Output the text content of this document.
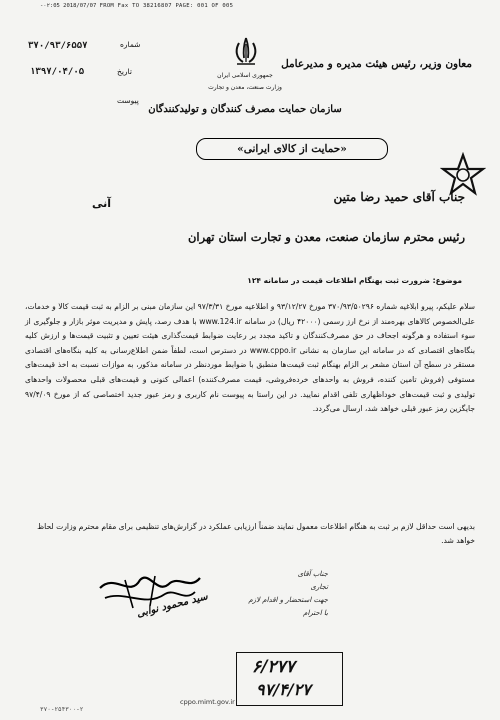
-۰۲:05 2018/07/07 FROM Fax TO 38216807 PAGE: 001 OF 005
معاون وزیر، رئیس هیئت مدیره و مدیرعامل
جمهوری اسلامی ایران
وزارت صنعت، معدن و تجارت
سازمان حمایت مصرف کنندگان و تولیدکنندگان
شماره
۳۷۰/۹۳/۶۵۵۷
تاریخ
۱۳۹۷/۰۴/۰۵
پیوست
«حمایت از کالای ایرانی»
آنی	جناب آقای حمید رضا متین
رئیس محترم سازمان صنعت، معدن و تجارت استان تهران
موضوع: ضرورت ثبت بهنگام اطلاعات قیمت در سامانه ۱۲۴

سلام علیکم، پیرو ابلاغیه شماره ۳۷۰/۹۳/۵۰۲۹۶ مورخ ۹۳/۱۲/۲۷ و اطلاعیه مورخ ۹۷/۳/۳۱ این سازمان مبنی بر الزام به ثبت قیمت کالا و خدمات، علی‌الخصوص کالاهای بهره‌مند از نرخ ارز رسمی (۴۲۰۰۰ ریال) در سامانه www.124.ir با هدف رصد، پایش و مدیریت موثر بازار و جلوگیری از سوء استفاده و هرگونه اجحاف در حق مصرف‌کنندگان و تاکید مجدد بر رعایت ضوابط قیمت‌گذاری هیئت تعیین و تثبیت قیمت‌ها و ارزش کلیه بنگاه‌های اقتصادی که در سامانه این سازمان به نشانی www.cppo.ir در دسترس است، لطفاً ضمن اطلاع‌رسانی به کلیه بنگاه‌های اقتصادی مستقر در سطح آن استان مشعر بر الزام بهنگام ثبت قیمت‌ها منطبق با ضوابط موردنظر در سامانه مذکور، به موازات نسبت به اخذ قیمت‌های مستوفی (فروش تامین کننده، فروش به واحدهای خرده‌فروشی، قیمت مصرف‌کننده) اعمالی کنونی و قیمت‌های قبلی محصولات واحدهای تولیدی و ثبت قیمت‌های خوداظهاری تلفی اقدام نمایید. در این راستا به پیوست نام کاربری و رمز عبور جدید اختصاصی که از مورخ ۹۷/۴/۰۹ جایگزین رمز عبور قبلی خواهد شد، ارسال می‌گردد.

بدیهی است حداقل لازم بر ثبت به هنگام اطلاعات معمول نمایند ضمناً ارزیابی عملکرد در گزارش‌های تنظیمی برای مقام محترم وزارت لحاظ خواهد شد.

سید محمود نوابی
جناب آقای
تجاری
جهت استحضار و اقدام لازم
با احترام
۶/۲۷۷
۹۷/۴/۲۷
cppo.mimt.gov.ir
۳۷۰-۲۵۴۳۰۰-۲
